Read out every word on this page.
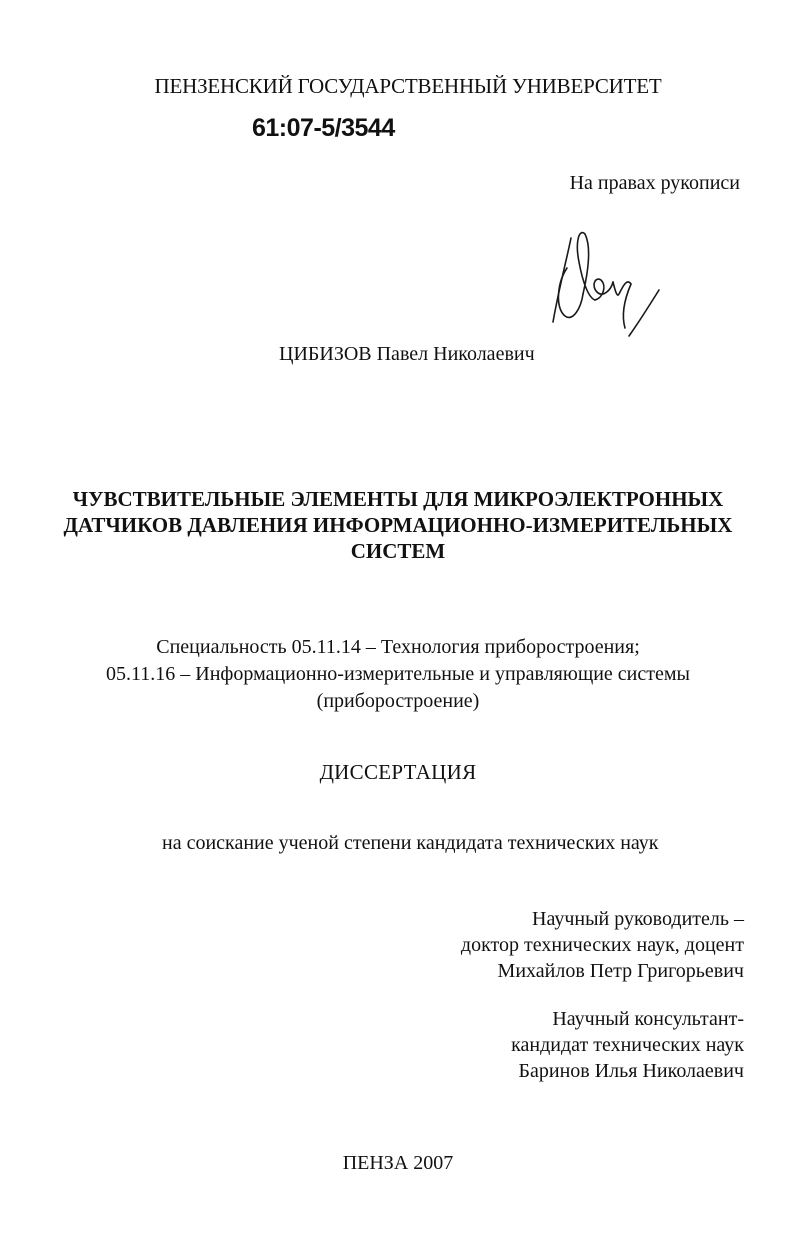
ПЕНЗЕНСКИЙ ГОСУДАРСТВЕННЫЙ УНИВЕРСИТЕТ
61:07-5/3544
На правах рукописи
ЦИБИЗОВ Павел Николаевич
ЧУВСТВИТЕЛЬНЫЕ ЭЛЕМЕНТЫ ДЛЯ МИКРОЭЛЕКТРОННЫХ
ДАТЧИКОВ ДАВЛЕНИЯ ИНФОРМАЦИОННО-ИЗМЕРИТЕЛЬНЫХ
СИСТЕМ
Специальность 05.11.14 – Технология приборостроения;
05.11.16 – Информационно-измерительные и управляющие системы
(приборостроение)
ДИССЕРТАЦИЯ
на соискание ученой степени кандидата технических наук
Научный руководитель –
доктор технических наук, доцент
Михайлов Петр Григорьевич
Научный консультант-
кандидат технических наук
Баринов Илья Николаевич
ПЕНЗА 2007
